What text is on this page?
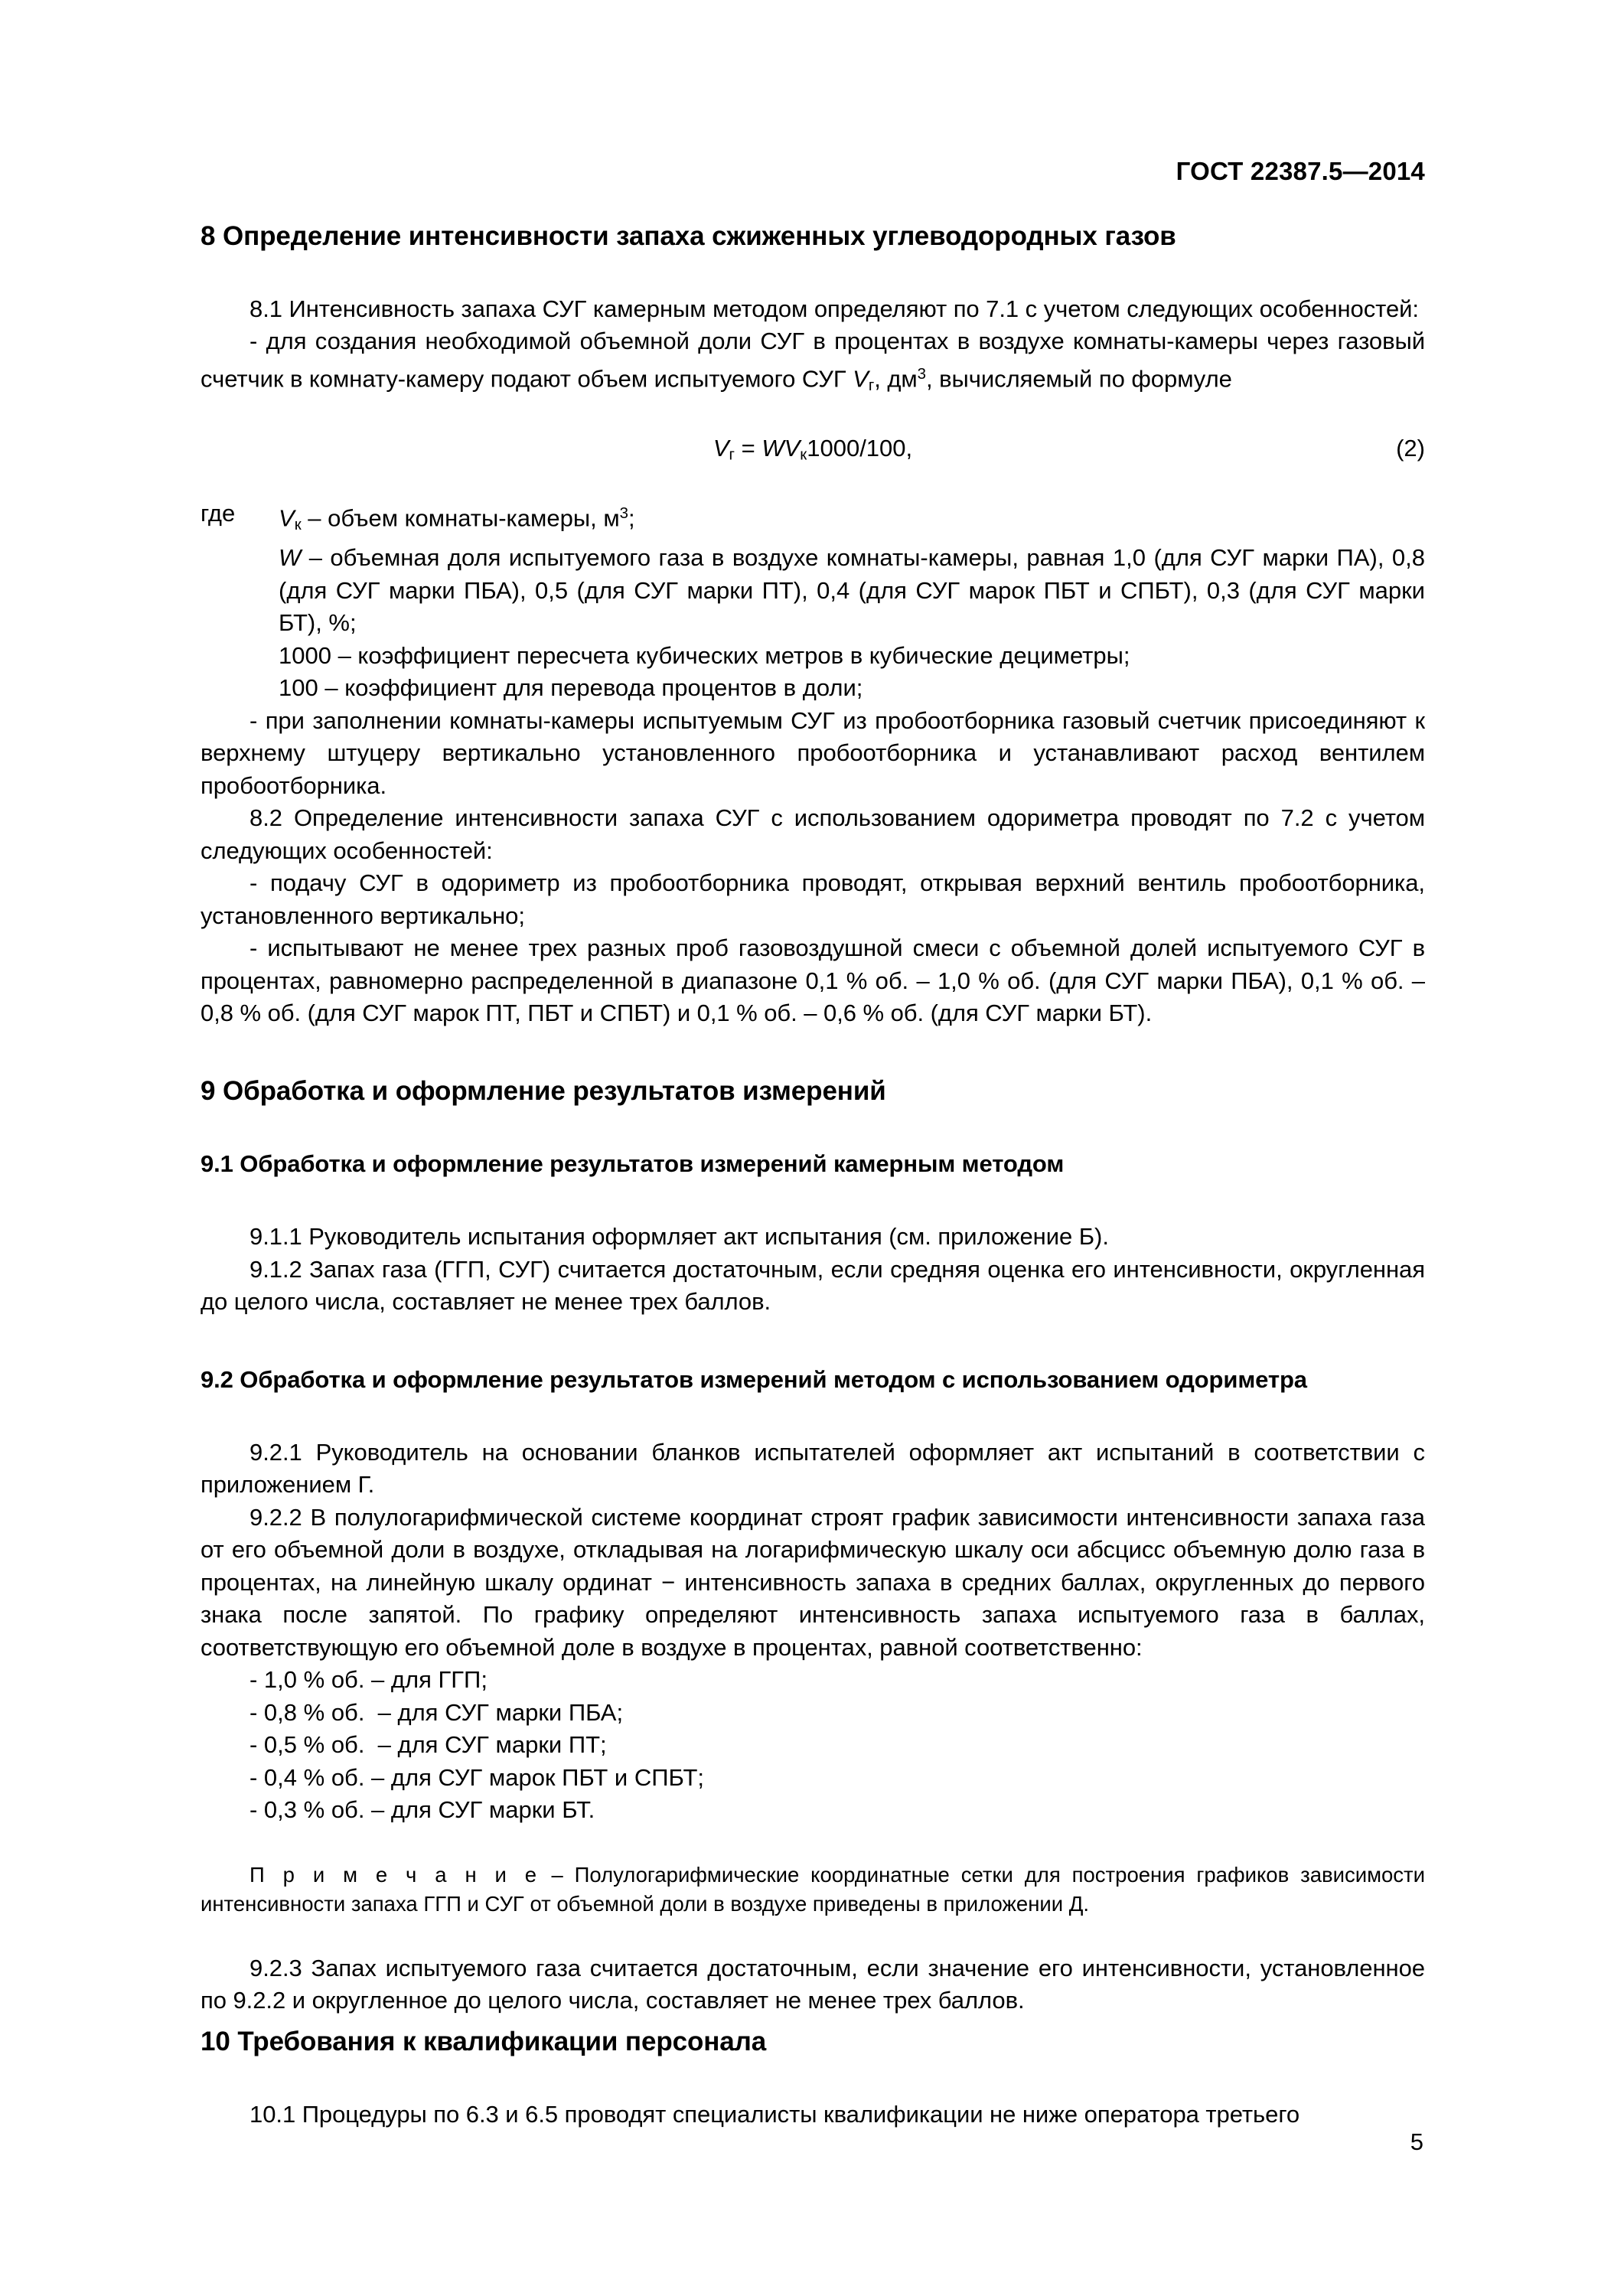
ГОСТ 22387.5—2014
8 Определение интенсивности запаха сжиженных углеводородных газов

8.1 Интенсивность запаха СУГ камерным методом определяют по 7.1 с учетом следующих особенностей:

- для создания необходимой объемной доли СУГ в процентах в воздухе комнаты-камеры через газовый счетчик в комнату-камеру подают объем испытуемого СУГ $V_г$, $дм^3$, вычисляемый по формуле

$V_г = WV_к1000/100$,	(2)
где	$V_к$ – объем комнаты-камеры, $м^3$;

W – объемная доля испытуемого газа в воздухе комнаты-камеры, равная 1,0 (для СУГ марки ПА), 0,8 (для СУГ марки ПБА), 0,5 (для СУГ марки ПТ), 0,4 (для СУГ марок ПБТ и СПБТ), 0,3 (для СУГ марки БТ), %;

1000 – коэффициент пересчета кубических метров в кубические дециметры;

100 – коэффициент для перевода процентов в доли;

- при заполнении комнаты-камеры испытуемым СУГ из пробоотборника газовый счетчик присоединяют к верхнему штуцеру вертикально установленного пробоотборника и устанавливают расход вентилем пробоотборника.

8.2 Определение интенсивности запаха СУГ с использованием одориметра проводят по 7.2 с учетом следующих особенностей:

- подачу СУГ в одориметр из пробоотборника проводят, открывая верхний вентиль пробоотборника, установленного вертикально;

- испытывают не менее трех разных проб газовоздушной смеси с объемной долей испытуемого СУГ в процентах, равномерно распределенной в диапазоне 0,1 % об. – 1,0 % об. (для СУГ марки ПБА), 0,1 % об. – 0,8 % об. (для СУГ марок ПТ, ПБТ и СПБТ) и 0,1 % об. – 0,6 % об. (для СУГ марки БТ).

9 Обработка и оформление результатов измерений
9.1 Обработка и оформление результатов измерений камерным методом

9.1.1 Руководитель испытания оформляет акт испытания (см. приложение Б).

9.1.2 Запах газа (ГГП, СУГ) считается достаточным, если средняя оценка его интенсивности, округленная до целого числа, составляет не менее трех баллов.

9.2 Обработка и оформление результатов измерений методом с использованием одориметра

9.2.1 Руководитель на основании бланков испытателей оформляет акт испытаний в соответствии с приложением Г.

9.2.2 В полулогарифмической системе координат строят график зависимости интенсивности запаха газа от его объемной доли в воздухе, откладывая на логарифмическую шкалу оси абсцисс объемную долю газа в процентах, на линейную шкалу ординат − интенсивность запаха в средних баллах, округленных до первого знака после запятой. По графику определяют интенсивность запаха испытуемого газа в баллах, соответствующую его объемной доле в воздухе в процентах, равной соответственно:

- 1,0 % об. – для ГГП;
- 0,8 % об.  – для СУГ марки ПБА;
- 0,5 % об.  – для СУГ марки ПТ;
- 0,4 % об. – для СУГ марок ПБТ и СПБТ;
- 0,3 % об. – для СУГ марки БТ.

П р и м е ч а н и е – Полулогарифмические координатные сетки для построения графиков зависимости интенсивности запаха ГГП и СУГ от объемной доли в воздухе приведены в приложении Д.

9.2.3 Запах испытуемого газа считается достаточным, если значение его интенсивности, установленное по 9.2.2 и округленное до целого числа, составляет не менее трех баллов.

10 Требования к квалификации персонала

10.1 Процедуры по 6.3 и 6.5 проводят специалисты квалификации не ниже оператора третьего

5
